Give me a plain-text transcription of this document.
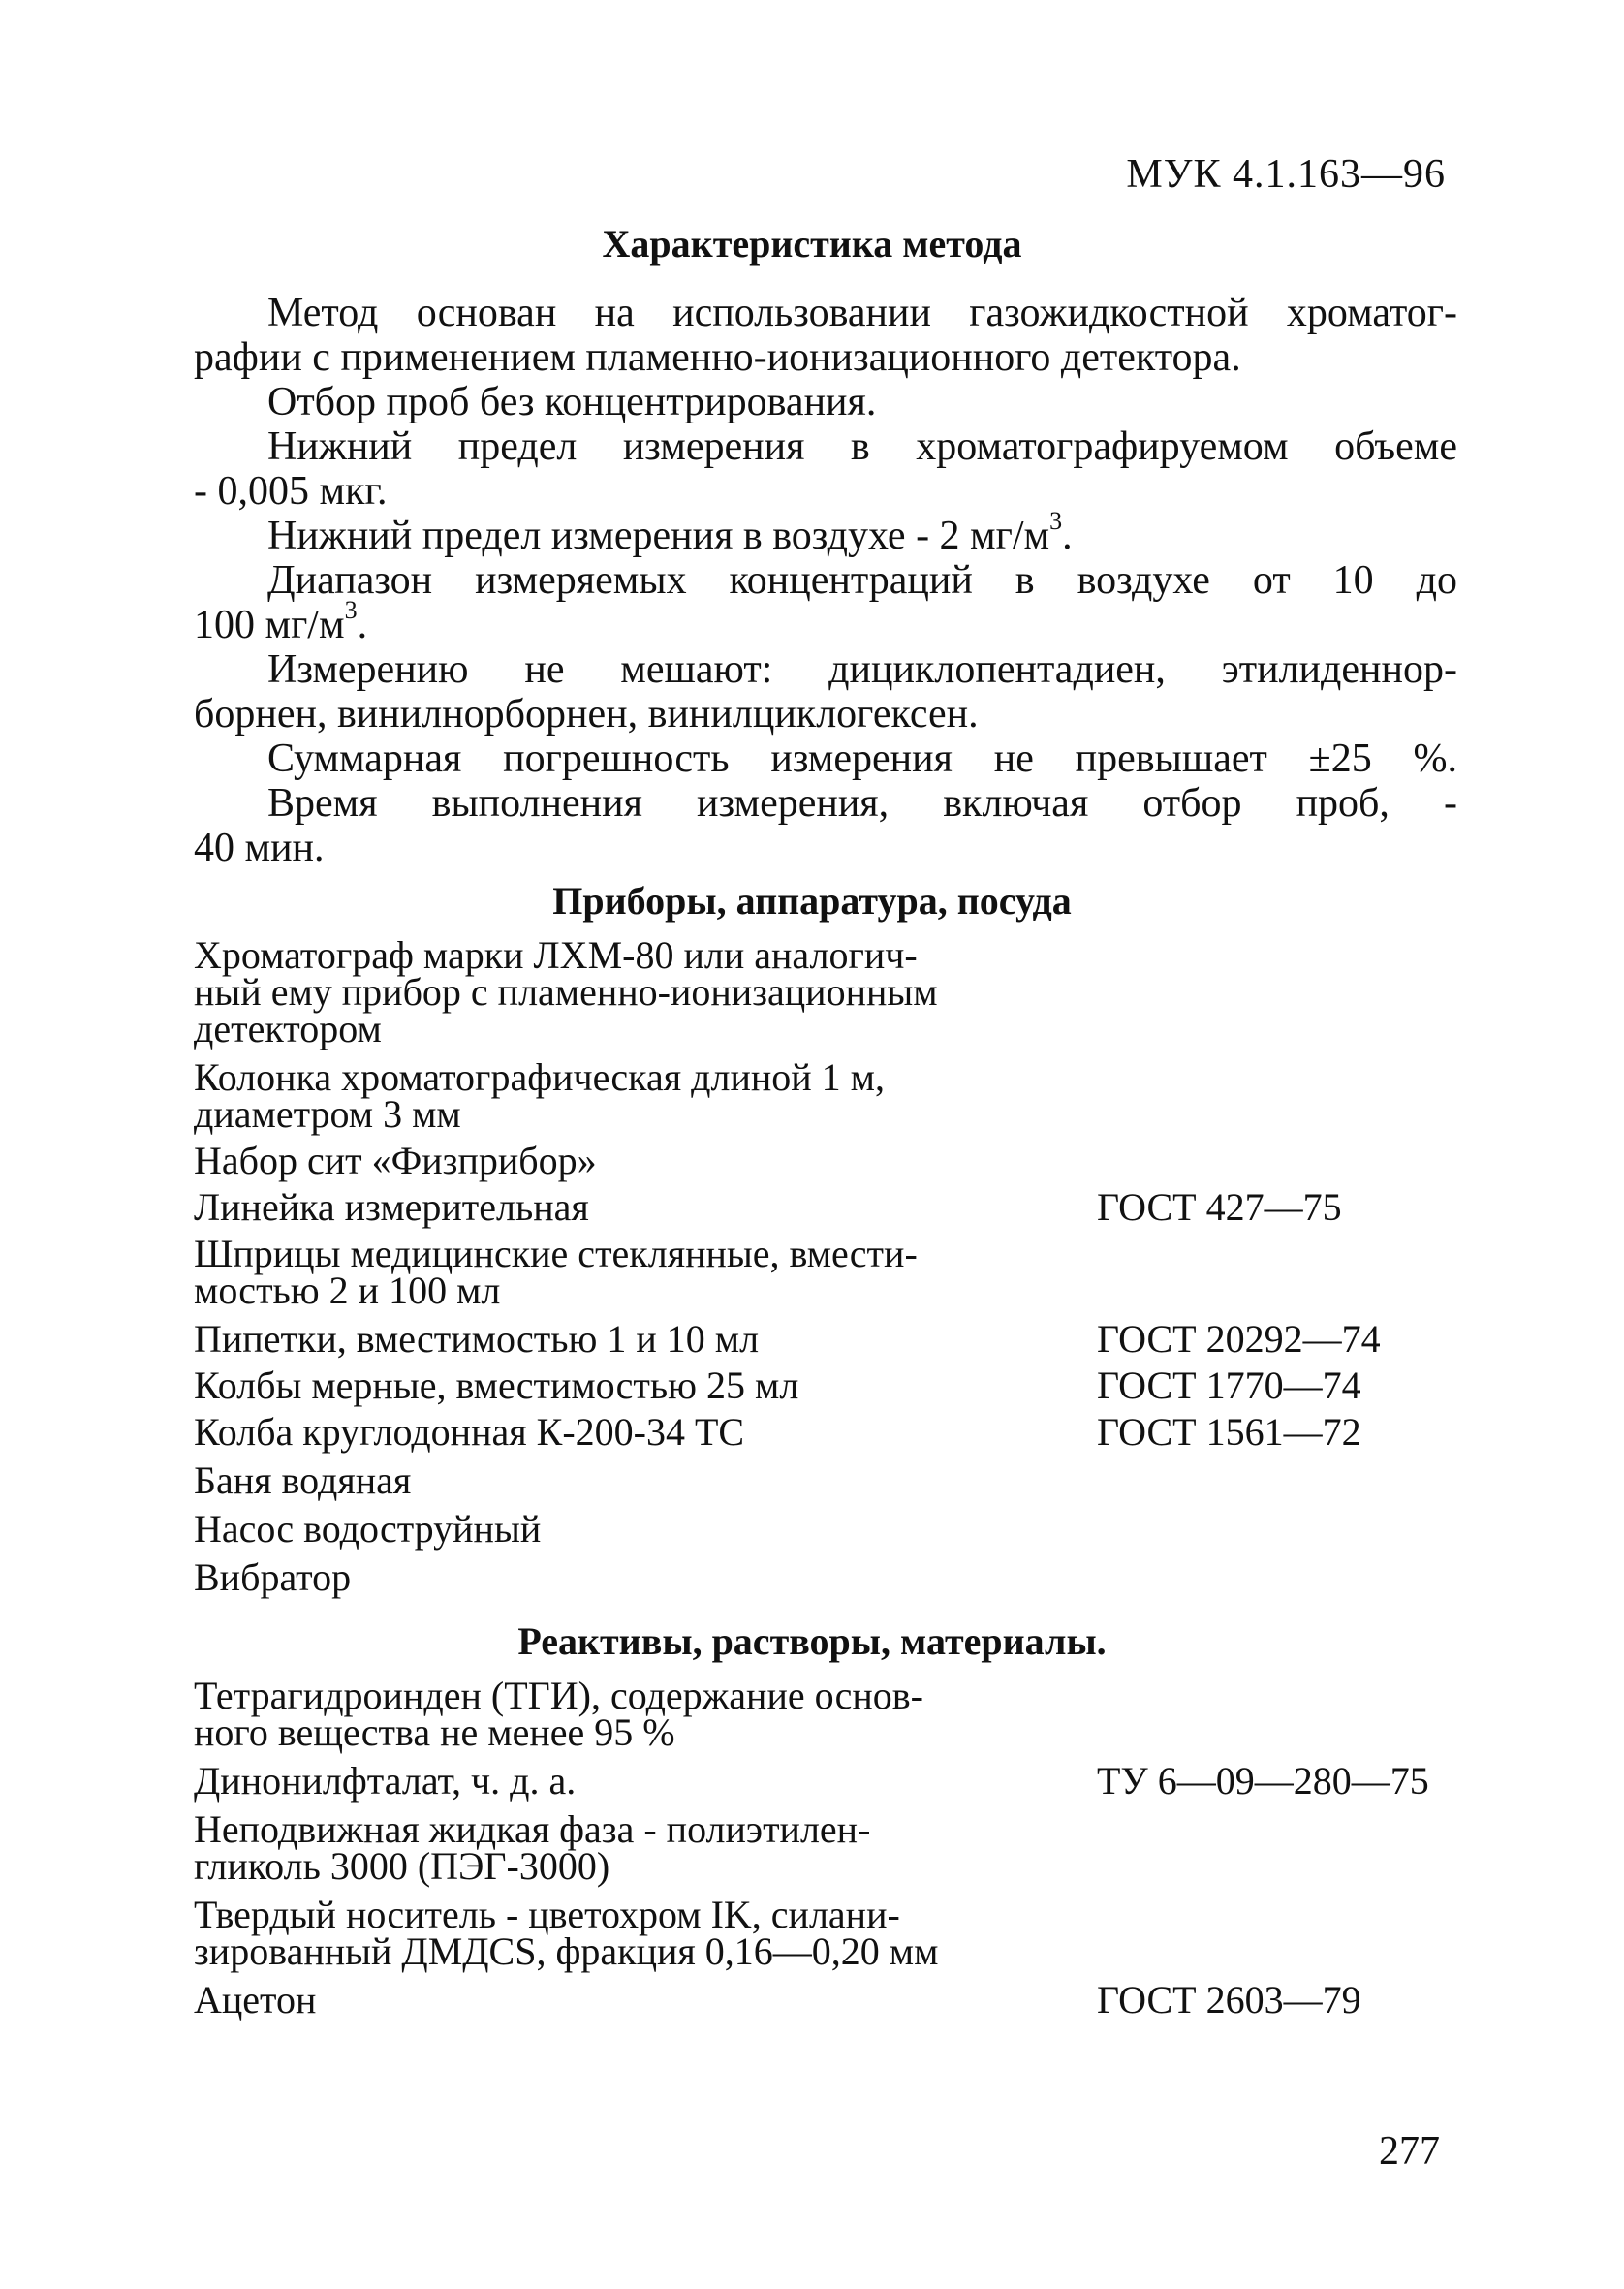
МУК 4.1.163—96
Характеристика метода
Метод основан на использовании газожидкостной хроматог-
рафии с применением пламенно-ионизационного детектора.
Отбор проб без концентрирования.
Нижний предел измерения в хроматографируемом объеме
- 0,005 мкг.
Нижний предел измерения в воздухе - 2 $мг/м^3$.
Диапазон измеряемых концентраций в воздухе от 10 до
100 $мг/м^3$.
Измерению не мешают: дициклопентадиен, этилиденнор-
борнен, винилнорборнен, винилциклогексен.
Суммарная погрешность измерения не превышает ±25 %.
Время выполнения измерения, включая отбор проб, -
40 мин.
Приборы, аппаратура, посуда
Хроматограф марки ЛХМ-80 или аналогич-
ный ему прибор с пламенно-ионизационным
детектором
Колонка хроматографическая длиной 1 м,
диаметром 3 мм
Набор сит «Физприбор»
Линейка измерительная	ГОСТ 427—75
Шприцы медицинские стеклянные, вмести-
мостью 2 и 100 мл
Пипетки, вместимостью 1 и 10 мл	ГОСТ 20292—74
Колбы мерные, вместимостью 25 мл	ГОСТ 1770—74
Колба круглодонная К-200-34 ТС	ГОСТ 1561—72
Баня водяная
Насос водоструйный
Вибратор
Реактивы, растворы, материалы.
Тетрагидроинден (ТГИ), содержание основ-
ного вещества не менее 95 %
Динонилфталат, ч. д. а.	ТУ 6—09—280—75
Неподвижная жидкая фаза - полиэтилен-
гликоль 3000 (ПЭГ-3000)
Твердый носитель - цветохром IK, силани-
зированный ДМДСS, фракция 0,16—0,20 мм
Ацетон	ГОСТ 2603—79
277
